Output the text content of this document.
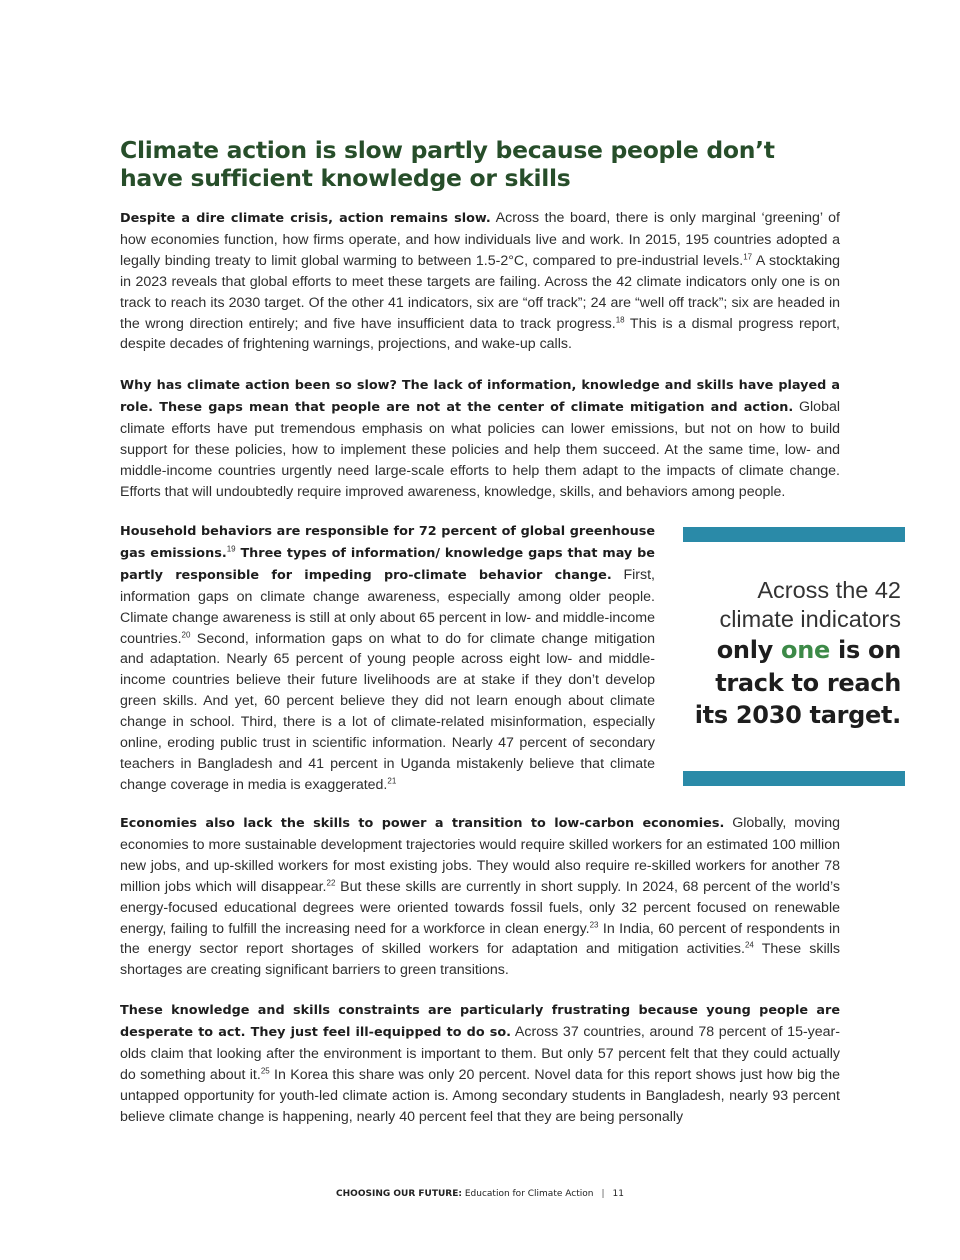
Climate action is slow partly because people don’t have sufficient knowledge or skills

Despite a dire climate crisis, action remains slow. Across the board, there is only marginal ‘greening’ of how economies function, how firms operate, and how individuals live and work. In 2015, 195 countries adopted a legally binding treaty to limit global warming to between 1.5-2°C, compared to pre-industrial levels.$^{17}$ A stocktaking in 2023 reveals that global efforts to meet these targets are failing. Across the 42 climate indicators only one is on track to reach its 2030 target. Of the other 41 indicators, six are “off track”; 24 are “well off track”; six are headed in the wrong direction entirely; and five have insufficient data to track progress.$^{18}$ This is a dismal progress report, despite decades of frightening warnings, projections, and wake-up calls.

Why has climate action been so slow? The lack of information, knowledge and skills have played a role. These gaps mean that people are not at the center of climate mitigation and action. Global climate efforts have put tremendous emphasis on what policies can lower emissions, but not on how to build support for these policies, how to implement these policies and help them succeed. At the same time, low- and middle-income countries urgently need large-scale efforts to help them adapt to the impacts of climate change. Efforts that will undoubtedly require improved awareness, knowledge, skills, and behaviors among people.

Household behaviors are responsible for 72 percent of global greenhouse gas emissions.$^{19}$ Three types of information/ knowledge gaps that may be partly responsible for impeding pro-climate behavior change. First, information gaps on climate change awareness, especially among older people. Climate change awareness is still at only about 65 percent in low- and middle-income countries.$^{20}$ Second, information gaps on what to do for climate change mitigation and adaptation. Nearly 65 percent of young people across eight low- and middle-income countries believe their future livelihoods are at stake if they don’t develop green skills. And yet, 60 percent believe they did not learn enough about climate change in school. Third, there is a lot of climate-related misinformation, especially online, eroding public trust in scientific information. Nearly 47 percent of secondary teachers in Bangladesh and 41 percent in Uganda mistakenly believe that climate change coverage in media is exaggerated.$^{21}$

Across the 42
climate indicators
only one is on
track to reach
its 2030 target.

Economies also lack the skills to power a transition to low-carbon economies. Globally, moving economies to more sustainable development trajectories would require skilled workers for an estimated 100 million new jobs, and up-skilled workers for most existing jobs. They would also require re-skilled workers for another 78 million jobs which will disappear.$^{22}$ But these skills are currently in short supply. In 2024, 68 percent of the world’s energy-focused educational degrees were oriented towards fossil fuels, only 32 percent focused on renewable energy, failing to fulfill the increasing need for a workforce in clean energy.$^{23}$ In India, 60 percent of respondents in the energy sector report shortages of skilled workers for adaptation and mitigation activities.$^{24}$ These skills shortages are creating significant barriers to green transitions.

These knowledge and skills constraints are particularly frustrating because young people are desperate to act. They just feel ill-equipped to do so. Across 37 countries, around 78 percent of 15-year-olds claim that looking after the environment is important to them. But only 57 percent felt that they could actually do something about it.$^{25}$ In Korea this share was only 20 percent. Novel data for this report shows just how big the untapped opportunity for youth-led climate action is. Among secondary students in Bangladesh, nearly 93 percent believe climate change is happening, nearly 40 percent feel that they are being personally

CHOOSING OUR FUTURE: Education for Climate Action | 11
